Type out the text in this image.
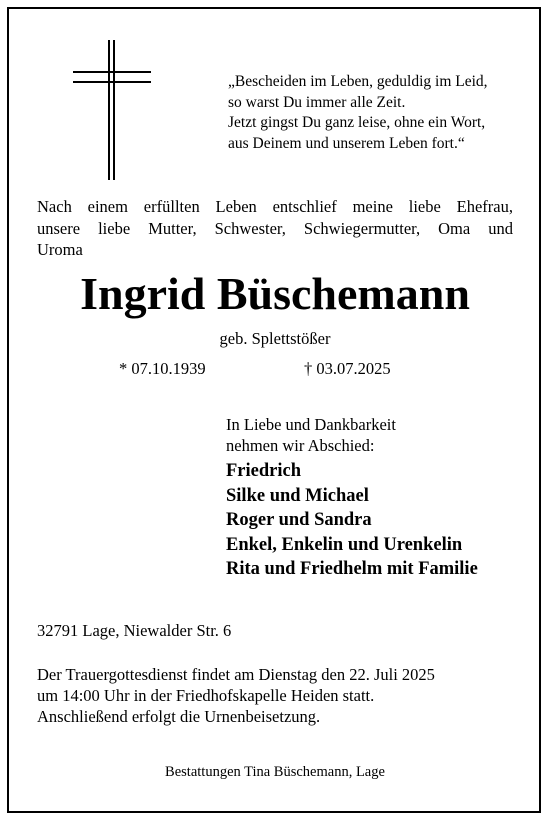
„Bescheiden im Leben, geduldig im Leid,
so warst Du immer alle Zeit.
Jetzt gingst Du ganz leise, ohne ein Wort,
aus Deinem und unserem Leben fort.“
Nach einem erfüllten Leben entschlief meine liebe Ehefrau,
unsere liebe Mutter, Schwester, Schwiegermutter, Oma und
Uroma
Ingrid Büschemann
geb. Splettstößer
* 07.10.1939	† 03.07.2025
In Liebe und Dankbarkeit
nehmen wir Abschied:
Friedrich
Silke und Michael
Roger und Sandra
Enkel, Enkelin und Urenkelin
Rita und Friedhelm mit Familie
32791 Lage, Niewalder Str. 6
Der Trauergottesdienst findet am Dienstag den 22. Juli 2025
um 14:00 Uhr in der Friedhofskapelle Heiden statt.
Anschließend erfolgt die Urnenbeisetzung.
Bestattungen Tina Büschemann, Lage
